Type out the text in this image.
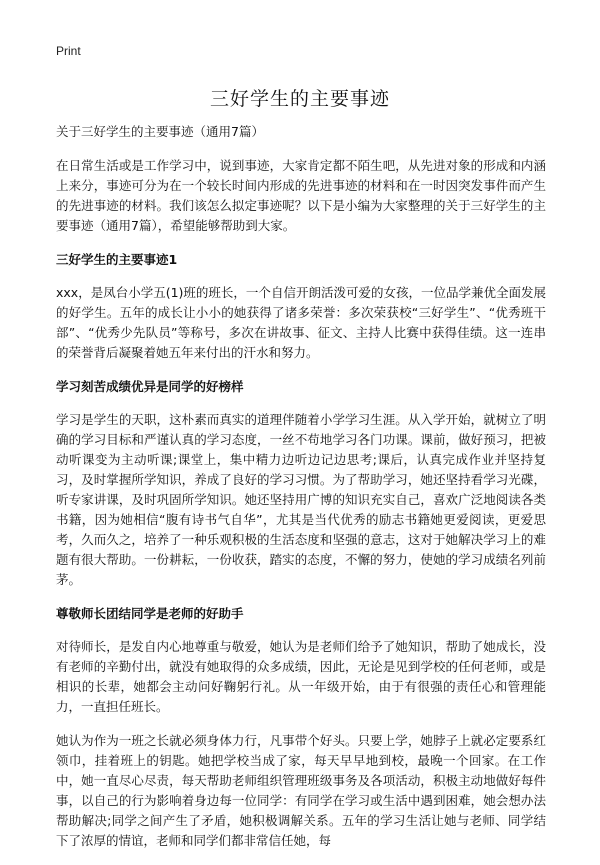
Print
三好学生的主要事迹

关于三好学生的主要事迹（通用7篇）

在日常生活或是工作学习中，说到事迹，大家肯定都不陌生吧，从先进对象的形成和内涵上来分，事迹可分为在一个较长时间内形成的先进事迹的材料和在一时因突发事件而产生的先进事迹的材料。我们该怎么拟定事迹呢？以下是小编为大家整理的关于三好学生的主要事迹（通用7篇），希望能够帮助到大家。

三好学生的主要事迹1

xxx，是凤台小学五(1)班的班长，一个自信开朗活泼可爱的女孩，一位品学兼优全面发展的好学生。五年的成长让小小的她获得了诸多荣誉：多次荣获校“三好学生”、“优秀班干部”、“优秀少先队员”等称号，多次在讲故事、征文、主持人比赛中获得佳绩。这一连串的荣誉背后凝聚着她五年来付出的汗水和努力。

学习刻苦成绩优异是同学的好榜样

学习是学生的天职，这朴素而真实的道理伴随着小学学习生涯。从入学开始，就树立了明确的学习目标和严谨认真的学习态度，一丝不苟地学习各门功课。课前，做好预习，把被动听课变为主动听课;课堂上，集中精力边听边记边思考;课后，认真完成作业并坚持复习，及时掌握所学知识，养成了良好的学习习惯。为了帮助学习，她还坚持看学习光碟，听专家讲课，及时巩固所学知识。她还坚持用广博的知识充实自己，喜欢广泛地阅读各类书籍，因为她相信“腹有诗书气自华”，尤其是当代优秀的励志书籍她更爱阅读，更爱思考，久而久之，培养了一种乐观积极的生活态度和坚强的意志，这对于她解决学习上的难题有很大帮助。一份耕耘，一份收获，踏实的态度，不懈的努力，使她的学习成绩名列前茅。

尊敬师长团结同学是老师的好助手

对待师长，是发自内心地尊重与敬爱，她认为是老师们给予了她知识，帮助了她成长，没有老师的辛勤付出，就没有她取得的众多成绩，因此，无论是见到学校的任何老师，或是相识的长辈，她都会主动问好鞠躬行礼。从一年级开始，由于有很强的责任心和管理能力，一直担任班长。

她认为作为一班之长就必须身体力行，凡事带个好头。只要上学，她脖子上就必定要系红领巾，挂着班上的钥匙。她把学校当成了家，每天早早地到校，最晚一个回家。在工作中，她一直尽心尽责，每天帮助老师组织管理班级事务及各项活动，积极主动地做好每件事，以自己的行为影响着身边每一位同学：有同学在学习或生活中遇到困难，她会想办法帮助解决;同学之间产生了矛盾，她积极调解关系。五年的学习生活让她与老师、同学结下了浓厚的情谊，老师和同学们都非常信任她，每
